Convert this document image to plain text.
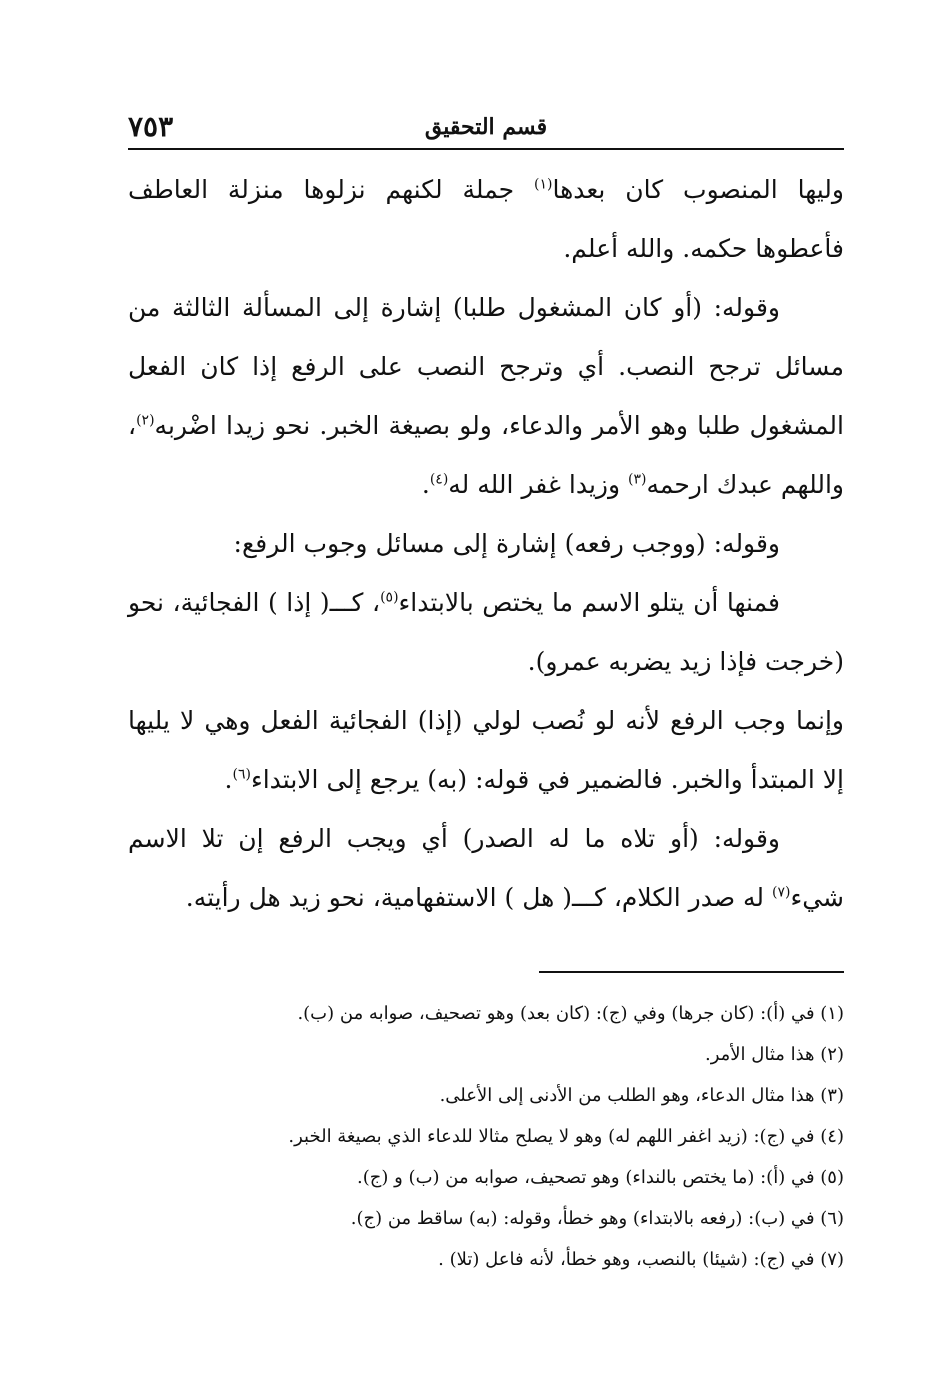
قسم التحقيق
٧٥٣

وليها المنصوب كان بعدها$^{(١)}$ جملة لكنهم نزلوها منزلة العاطف فأعطوها حكمه. والله أعلم.

وقوله: (أو كان المشغول طلبا) إشارة إلى المسألة الثالثة من مسائل ترجح النصب. أي وترجح النصب على الرفع إذا كان الفعل المشغول طلبا وهو الأمر والدعاء، ولو بصيغة الخبر. نحو زيدا اضْربه$^{(٢)}$، واللهم عبدك ارحمه$^{(٣)}$ وزيدا غفر الله له$^{(٤)}$.

وقوله: (ووجب رفعه) إشارة إلى مسائل وجوب الرفع:

فمنها أن يتلو الاسم ما يختص بالابتداء$^{(٥)}$، كـــ( إذا ) الفجائية، نحو (خرجت فإذا زيد يضربه عمرو).

وإنما وجب الرفع لأنه لو نُصب لولي (إذا) الفجائية الفعل وهي لا يليها إلا المبتدأ والخبر. فالضمير في قوله: (به) يرجع إلى الابتداء$^{(٦)}$.

وقوله: (أو تلاه ما له الصدر) أي ويجب الرفع إن تلا الاسم شيء$^{(٧)}$ له صدر الكلام، كـــ( هل ) الاستفهامية، نحو زيد هل رأيته.

(١) في (أ): (كان جرها) وفي (ج): (كان بعد) وهو تصحيف، صوابه من (ب).

(٢) هذا مثال الأمر.

(٣) هذا مثال الدعاء، وهو الطلب من الأدنى إلى الأعلى.

(٤) في (ج): (زيد اغفر اللهم له) وهو لا يصلح مثالا للدعاء الذي بصيغة الخبر.

(٥) في (أ): (ما يختص بالنداء) وهو تصحيف، صوابه من (ب) و (ج).

(٦) في (ب): (رفعه بالابتداء) وهو خطأ، وقوله: (به) ساقط من (ج).

(٧) في (ج): (شيئا) بالنصب، وهو خطأ، لأنه فاعل (تلا) .
